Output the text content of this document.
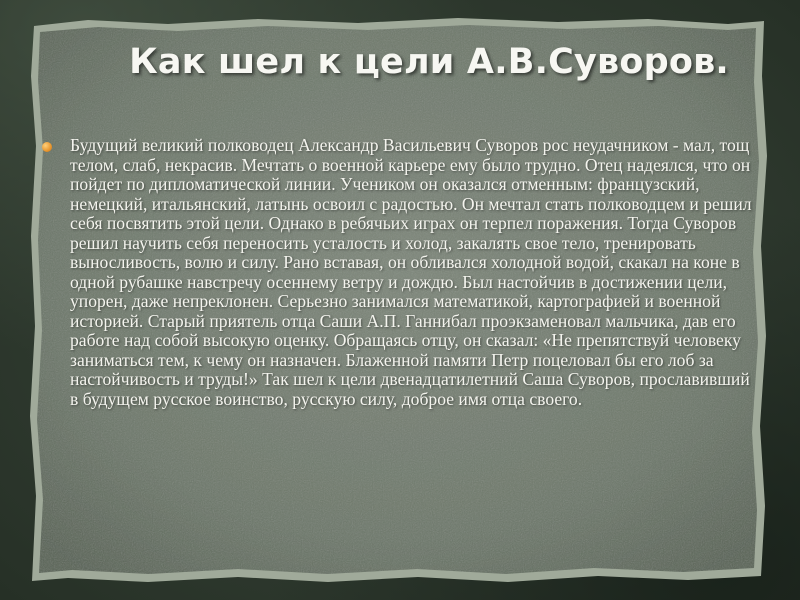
Как шел к цели А.В.Суворов.

Будущий великий полководец Александр Васильевич Суворов рос неудачником - мал, тощ телом, слаб, некрасив. Мечтать о военной карьере ему было трудно. Отец надеялся, что он пойдет по дипломатической линии. Учеником он оказался отменным: французский, немецкий, итальянский, латынь освоил с радостью. Он мечтал стать полководцем и решил себя посвятить этой цели. Однако в ребячьих играх он терпел поражения. Тогда Суворов решил научить себя переносить усталость и холод, закалять свое тело, тренировать выносливость, волю и силу. Рано вставая, он обливался холодной водой, скакал на коне в одной рубашке навстречу осеннему ветру и дождю. Был настойчив в достижении цели, упорен, даже непреклонен. Серьезно занимался математикой, картографией и военной историей. Старый приятель отца Саши А.П. Ганнибал проэкзаменовал мальчика, дав его работе над собой высокую оценку. Обращаясь отцу, он сказал: «Не препятствуй человеку заниматься тем, к чему он назначен. Блаженной памяти Петр поцеловал бы его лоб за настойчивость и труды!» Так шел к цели двенадцатилетний Саша Суворов, прославивший в будущем русское воинство, русскую силу, доброе имя отца своего.
